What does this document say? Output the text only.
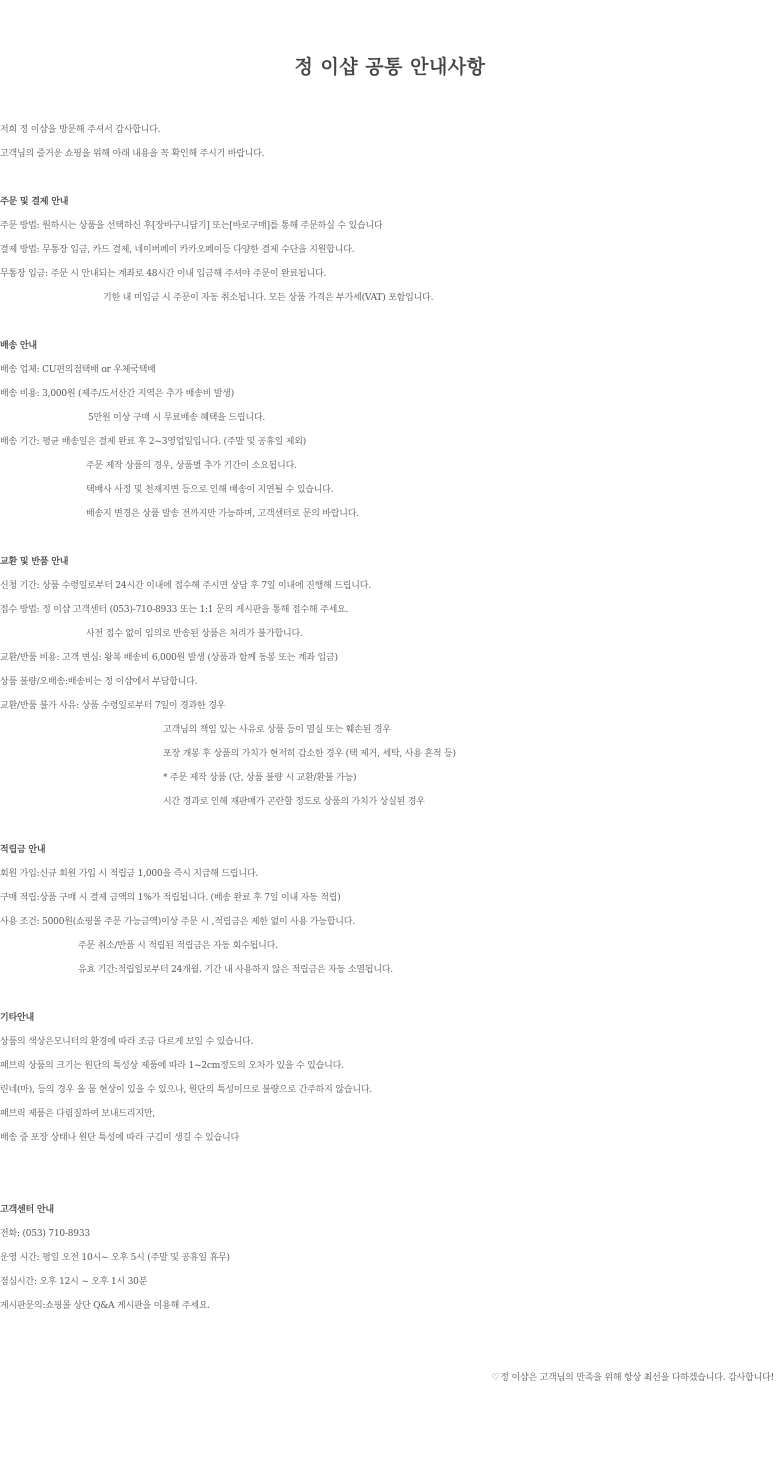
정 이샵 공통 안내사항
저희 정 이샵을 방문해 주셔서 감사합니다.
고객님의 즐거운 쇼핑을 위해 아래 내용을 꼭 확인해 주시기 바랍니다.
주문 및 결제 안내
주문 방법: 원하시는 상품을 선택하신 후[장바구니담기] 또는[바로구매]를 통해 주문하실 수 있습니다
결제 방법: 무통장 입금, 카드 결제, 네이버페이 카카오페이등 다양한 결제 수단을 지원합니다.
무통장 입금: 주문 시 안내되는 계좌로 48시간 이내 입금해 주셔야 주문이 완료됩니다.
기한 내 미입금 시 주문이 자동 취소됩니다. 모든 상품 가격은 부가세(VAT) 포함입니다.
배송 안내
배송 업체: CU편의점택배 or 우체국택배
배송 비용: 3,000원 (제주/도서산간 지역은 추가 배송비 발생)
5만원 이상 구매 시 무료배송 혜택을 드립니다.
배송 기간: 평균 배송일은 결제 완료 후 2~3영업일입니다. (주말 및 공휴일 제외)
주문 제작 상품의 경우, 상품별 추가 기간이 소요됩니다.
택배사 사정 및 천재지변 등으로 인해 배송이 지연될 수 있습니다.
배송지 변경은 상품 발송 전까지만 가능하며, 고객센터로 문의 바랍니다.
교환 및 반품 안내
신청 기간: 상품 수령일로부터 24시간 이내에 접수해 주시면 상담 후 7일 이내에 진행해 드립니다.
접수 방법: 정 이샵 고객센터 (053)-710-8933 또는 1:1 문의 게시판을 통해 접수해 주세요.
사전 접수 없이 임의로 반송된 상품은 처리가 불가합니다.
교환/반품 비용: 고객 변심: 왕복 배송비 6,000원 발생 (상품과 함께 동봉 또는 계좌 입금)
상품 불량/오배송:배송비는 정 이샵에서 부담합니다.
교환/반품 불가 사유: 상품 수령일로부터 7일이 경과한 경우
고객님의 책임 있는 사유로 상품 등이 멸실 또는 훼손된 경우
포장 개봉 후 상품의 가치가 현저히 감소한 경우 (택 제거, 세탁, 사용 흔적 등)
* 주문 제작 상품 (단, 상품 불량 시 교환/환불 가능)
시간 경과로 인해 재판매가 곤란할 정도로 상품의 가치가 상실된 경우
적립금 안내
회원 가입:신규 회원 가입 시 적립금 1,000을 즉시 지급해 드립니다.
구매 적립:상품 구매 시 결제 금액의 1%가 적립됩니다. (배송 완료 후 7일 이내 자동 적립)
사용 조건: 5000원(쇼핑몰 주문 가능금액)이상 주문 시 ,적립금은 제한 없이 사용 가능합니다.
주문 취소/반품 시 적립된 적립금은 자동 회수됩니다.
유효 기간:적립일로부터 24개월. 기간 내 사용하지 않은 적립금은 자동 소멸됩니다.
기타안내
상품의 색상은모니터의 환경에 따라 조금 다르게 보일 수 있습니다.
패브릭 상품의 크기는 원단의 특성상 제품에 따라 1~2cm정도의 오차가 있을 수 있습니다.
린네(마), 등의 경우 올 뭄 현상이 있을 수 있으나, 원단의 특성이므로 불량으로 간주하지 않습니다.
패브릭 제품은 다림질하여 보내드리지만,
배송 중 포장 상태나 원단 특성에 따라 구김이 생길 수 있습니다
고객센터 안내
전화: (053) 710-8933
운영 시간: 평일 오전 10시~ 오후 5시 (주말 및 공휴일 휴무)
점심시간: 오후 12시 ~ 오후 1시 30분
게시판문의:쇼핑몰 상단 Q&A 게시판을 이용해 주세요.
♡정 이샵은 고객님의 만족을 위해 항상 최선을 다하겠습니다. 감사합니다!
